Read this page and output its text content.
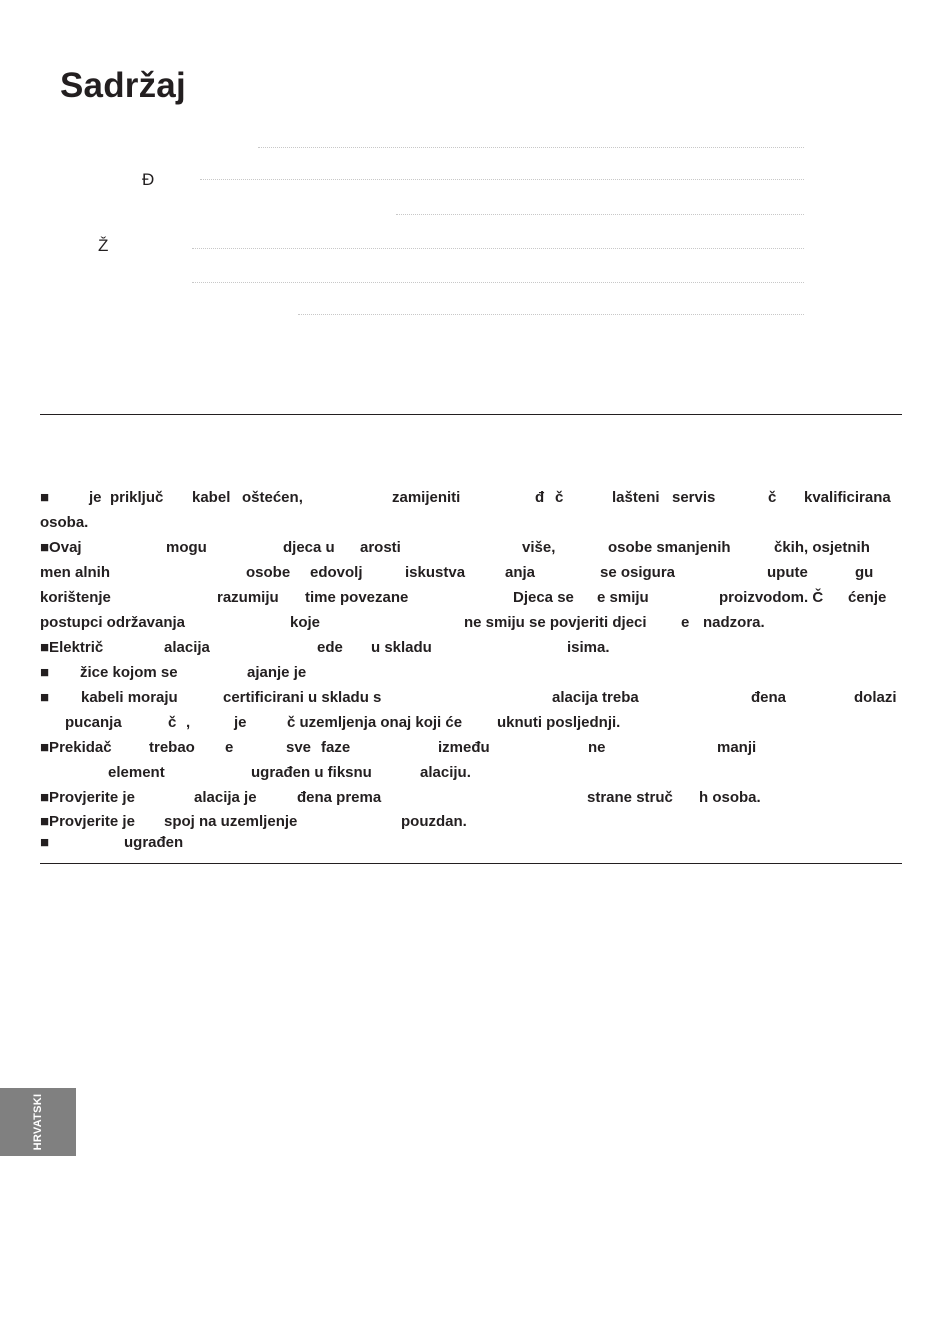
Sadržaj
Đ
Ž
■	je priključ kabel oštećen,	zamijeniti	đ č	lašteni servis	č kvalificirana
osoba.
■Ovaj	mogu	djeca u arosti	više,	osobe smanjenih	čkih, osjetnih
men alnih	osobe edovolj	iskustva	anja	se osigura	upute	gu
korištenje	razumiju time povezane	Djeca se e smiju	proizvodom. Č ćenje
postupci održavanja	koje	ne smiju se povjeriti djeci e nadzora.
■Električ	alacija	ede u skladu	isima.
■ žice kojom se	ajanje je
■ kabeli moraju	certificirani u skladu s	alacija treba	đena	dolazi
pucanja	č ,	je	č uzemljenja onaj koji će uknuti posljednji.
■Prekidač trebao e	sve faze	između	ne	manji
element	ugrađen u fiksnu	alaciju.
■Provjerite je	alacija je	đena prema	strane struč h osoba.
■Provjerite je spoj na uzemljenje	pouzdan.
■	ugrađen
HRVATSKI
